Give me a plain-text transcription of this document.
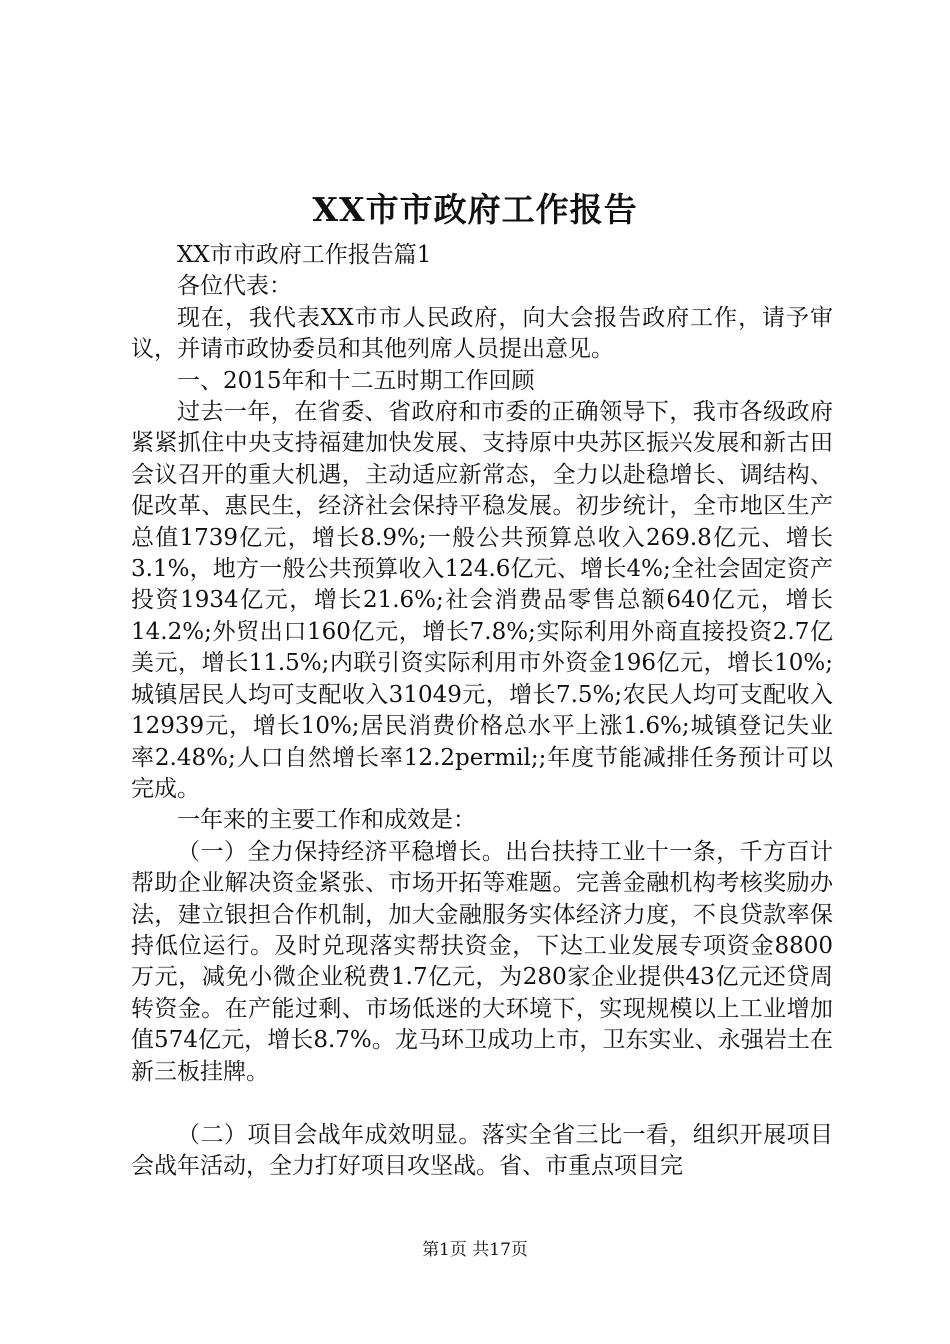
XX市市政府工作报告

XX市市政府工作报告篇1

各位代表：

现在，我代表XX市市人民政府，向大会报告政府工作，请予审议，并请市政协委员和其他列席人员提出意见。

一、2015年和十二五时期工作回顾

过去一年，在省委、省政府和市委的正确领导下，我市各级政府紧紧抓住中央支持福建加快发展、支持原中央苏区振兴发展和新古田会议召开的重大机遇，主动适应新常态，全力以赴稳增长、调结构、促改革、惠民生，经济社会保持平稳发展。初步统计，全市地区生产总值1739亿元，增长8.9%;一般公共预算总收入269.8亿元、增长3.1%，地方一般公共预算收入124.6亿元、增长4%;全社会固定资产投资1934亿元，增长21.6%;社会消费品零售总额640亿元，增长14.2%;外贸出口160亿元，增长7.8%;实际利用外商直接投资2.7亿美元，增长11.5%;内联引资实际利用市外资金196亿元，增长10%;城镇居民人均可支配收入31049元，增长7.5%;农民人均可支配收入12939元，增长10%;居民消费价格总水平上涨1.6%;城镇登记失业率2.48%;人口自然增长率12.2permil;;年度节能减排任务预计可以完成。

一年来的主要工作和成效是：

（一）全力保持经济平稳增长。出台扶持工业十一条，千方百计帮助企业解决资金紧张、市场开拓等难题。完善金融机构考核奖励办法，建立银担合作机制，加大金融服务实体经济力度，不良贷款率保持低位运行。及时兑现落实帮扶资金，下达工业发展专项资金8800万元，减免小微企业税费1.7亿元，为280家企业提供43亿元还贷周转资金。在产能过剩、市场低迷的大环境下，实现规模以上工业增加值574亿元，增长8.7%。龙马环卫成功上市，卫东实业、永强岩土在新三板挂牌。

（二）项目会战年成效明显。落实全省三比一看，组织开展项目会战年活动，全力打好项目攻坚战。省、市重点项目完

第1页 共17页
